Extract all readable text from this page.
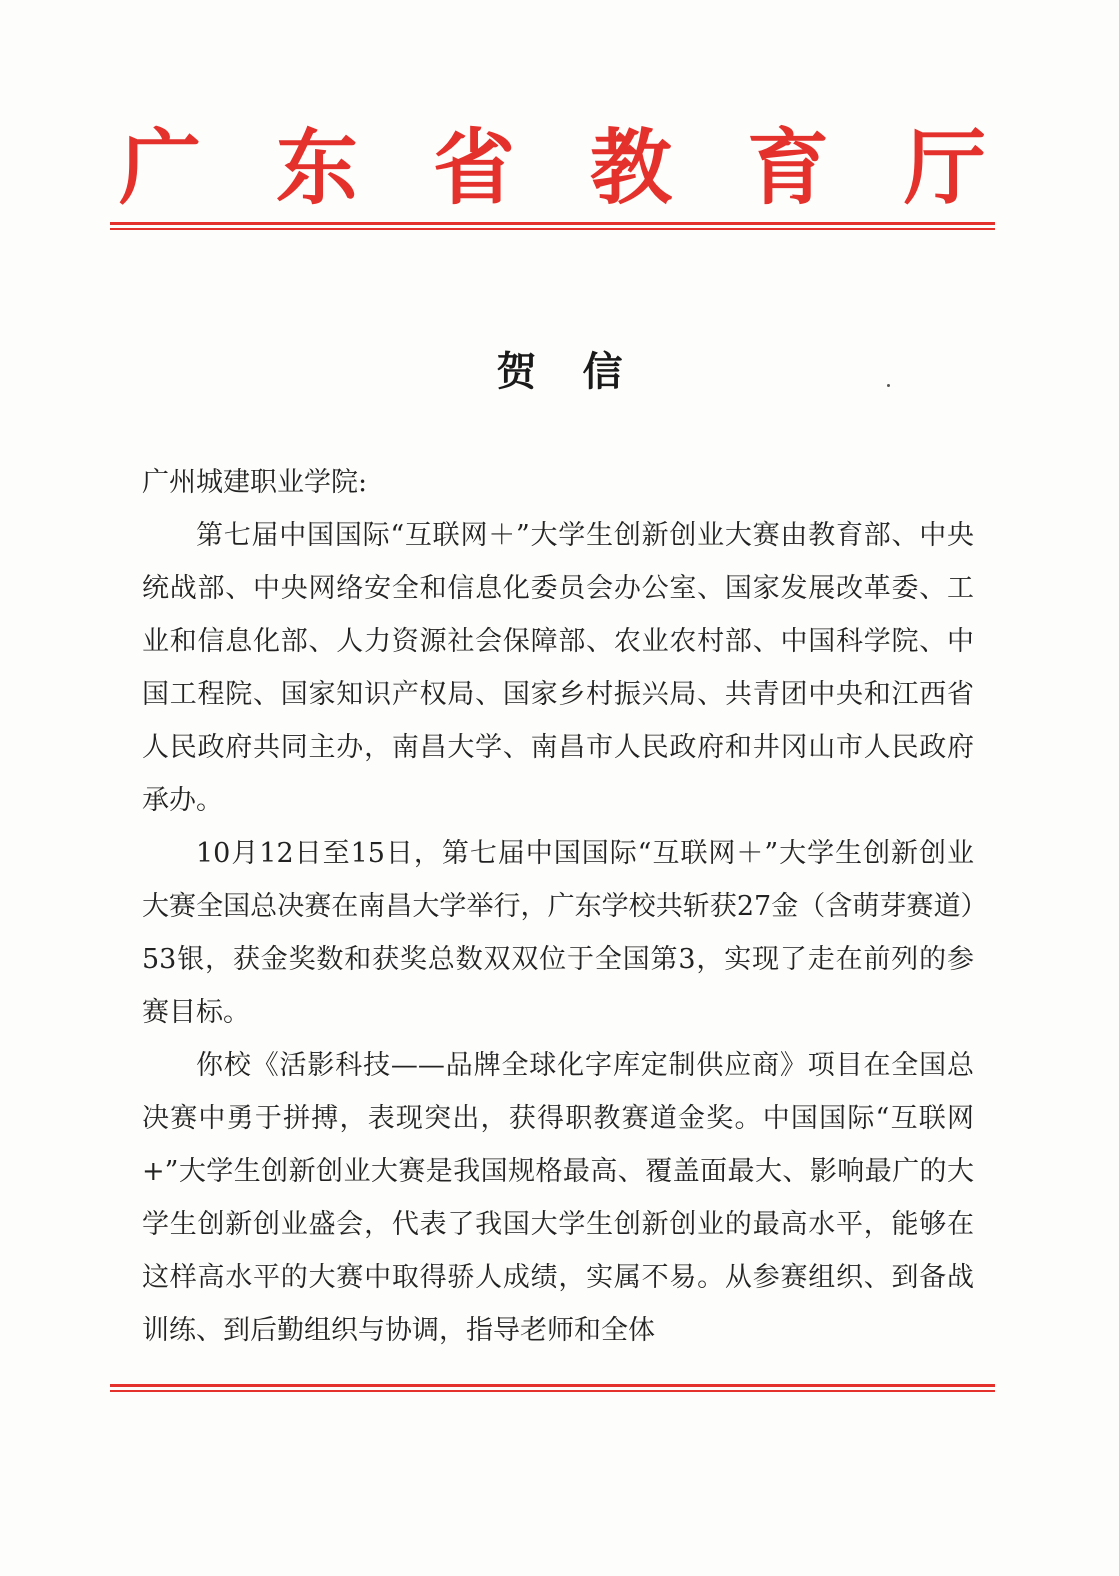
广 东 省 教 育 厅
贺信

广州城建职业学院:

第七届中国国际“互联网＋”大学生创新创业大赛由教育部、中央统战部、中央网络安全和信息化委员会办公室、国家发展改革委、工业和信息化部、人力资源社会保障部、农业农村部、中国科学院、中国工程院、国家知识产权局、国家乡村振兴局、共青团中央和江西省人民政府共同主办，南昌大学、南昌市人民政府和井冈山市人民政府承办。

10月12日至15日，第七届中国国际“互联网＋”大学生创新创业大赛全国总决赛在南昌大学举行，广东学校共斩获27金（含萌芽赛道）53银，获金奖数和获奖总数双双位于全国第3，实现了走在前列的参赛目标。

你校《活影科技——品牌全球化字库定制供应商》项目在全国总决赛中勇于拼搏，表现突出，获得职教赛道金奖。中国国际“互联网+”大学生创新创业大赛是我国规格最高、覆盖面最大、影响最广的大学生创新创业盛会，代表了我国大学生创新创业的最高水平，能够在这样高水平的大赛中取得骄人成绩，实属不易。从参赛组织、到备战训练、到后勤组织与协调，指导老师和全体
